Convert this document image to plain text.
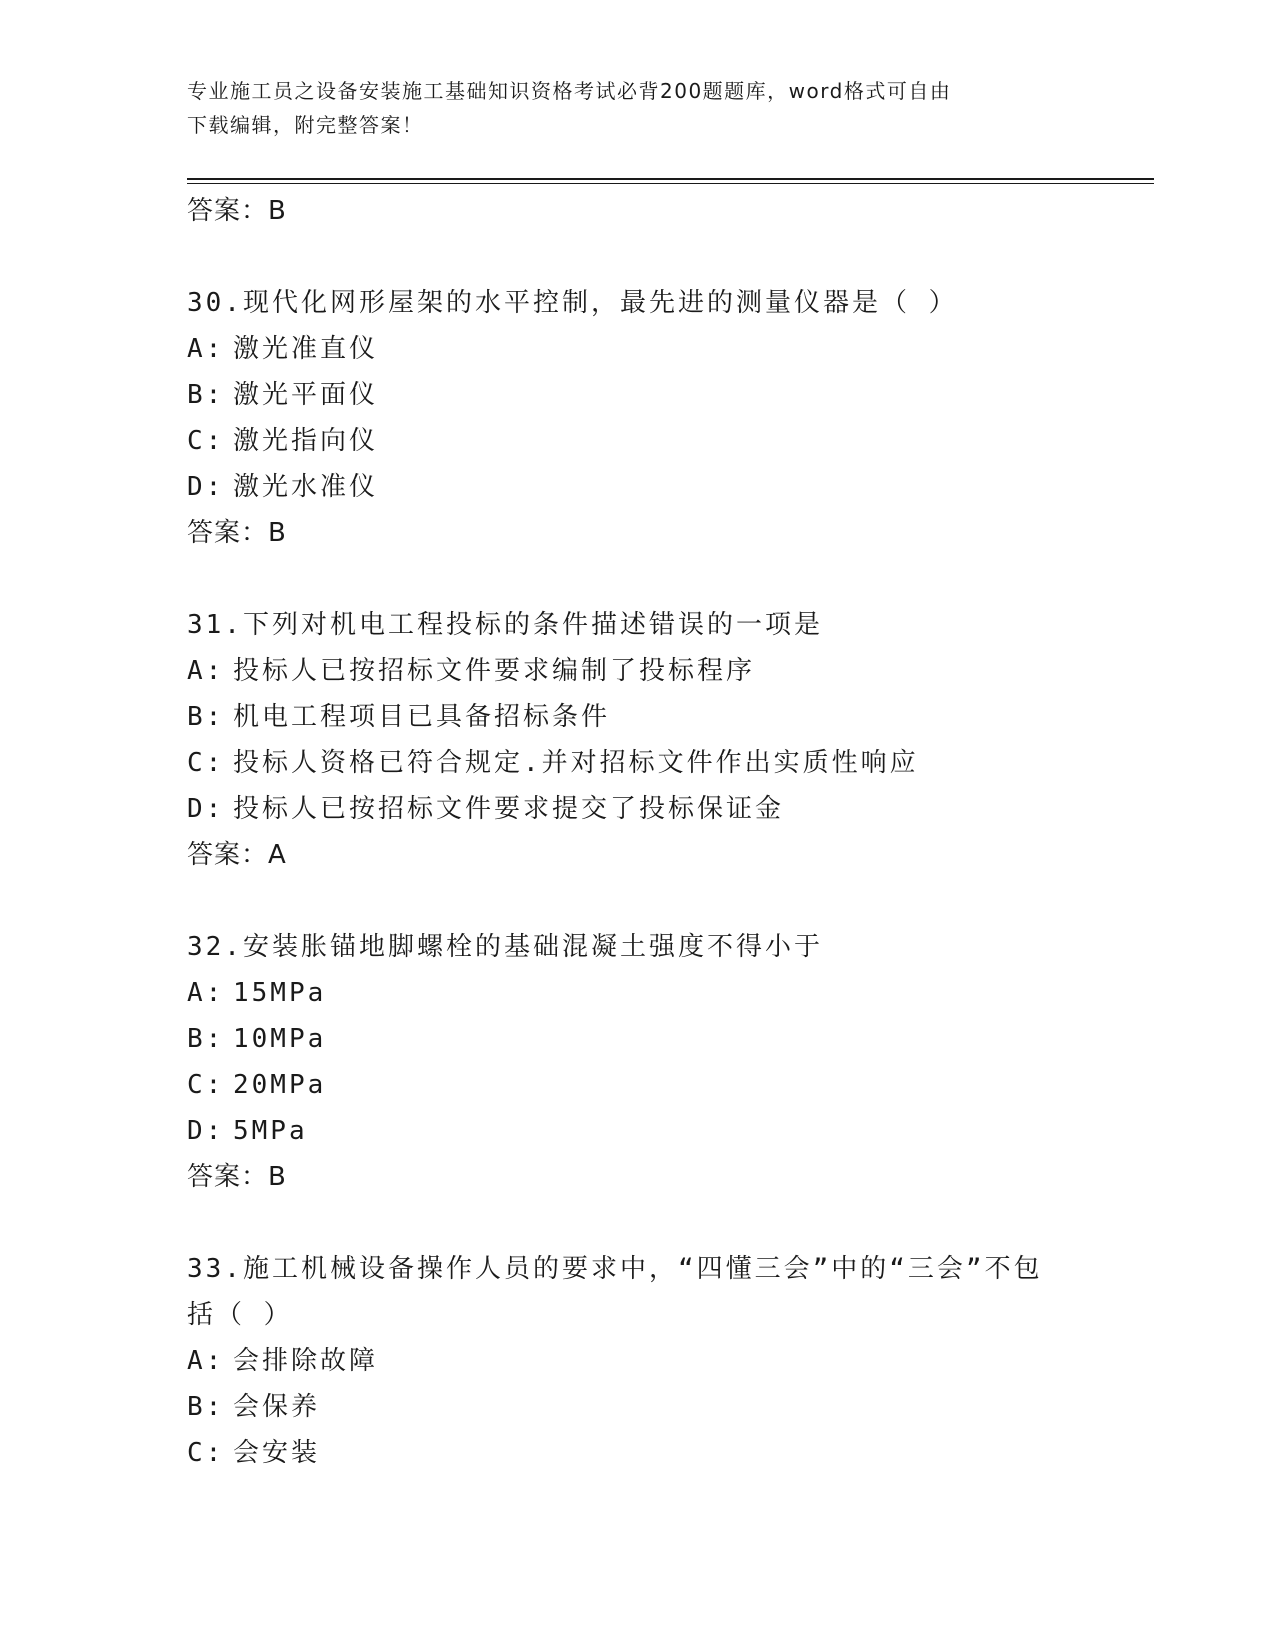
专业施工员之设备安装施工基础知识资格考试必背200题题库，word格式可自由
下载编辑，附完整答案！
答案：B
30.现代化网形屋架的水平控制，最先进的测量仪器是（ ）
A: 激光准直仪
B: 激光平面仪
C: 激光指向仪
D: 激光水准仪
答案：B
31.下列对机电工程投标的条件描述错误的一项是
A: 投标人已按招标文件要求编制了投标程序
B: 机电工程项目已具备招标条件
C: 投标人资格已符合规定.并对招标文件作出实质性响应
D: 投标人已按招标文件要求提交了投标保证金
答案：A
32.安装胀锚地脚螺栓的基础混凝土强度不得小于
A: 15MPa
B: 10MPa
C: 20MPa
D: 5MPa
答案：B
33.施工机械设备操作人员的要求中，“四懂三会”中的“三会”不包
括（ ）
A: 会排除故障
B: 会保养
C: 会安装
